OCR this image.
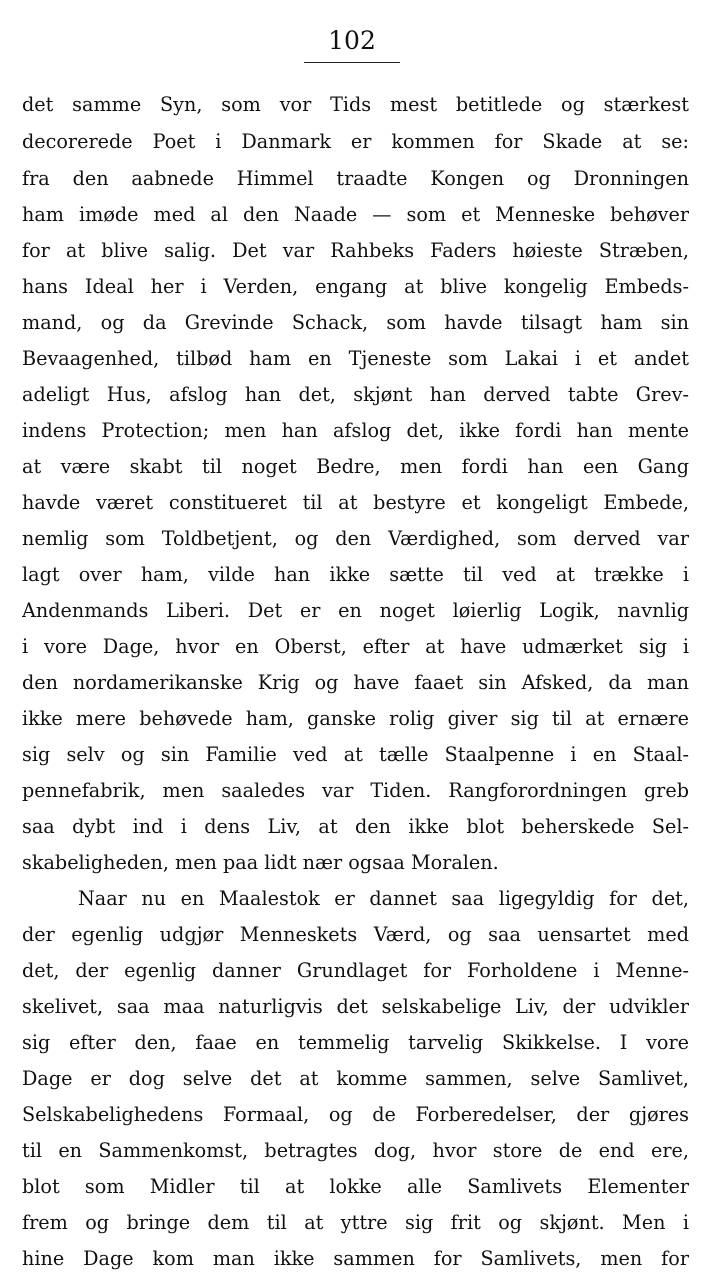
102
det samme Syn, som vor Tids mest betitlede og stærkest
decorerede Poet i Danmark er kommen for Skade at se:
fra den aabnede Himmel traadte Kongen og Dronningen
ham imøde med al den Naade — som et Menneske behøver
for at blive salig. Det var Rahbeks Faders høieste Stræben,
hans Ideal her i Verden, engang at blive kongelig Embeds-
mand, og da Grevinde Schack, som havde tilsagt ham sin
Bevaagenhed, tilbød ham en Tjeneste som Lakai i et andet
adeligt Hus, afslog han det, skjønt han derved tabte Grev-
indens Protection; men han afslog det, ikke fordi han mente
at være skabt til noget Bedre, men fordi han een Gang
havde været constitueret til at bestyre et kongeligt Embede,
nemlig som Toldbetjent, og den Værdighed, som derved var
lagt over ham, vilde han ikke sætte til ved at trække i
Andenmands Liberi. Det er en noget løierlig Logik, navnlig
i vore Dage, hvor en Oberst, efter at have udmærket sig i
den nordamerikanske Krig og have faaet sin Afsked, da man
ikke mere behøvede ham, ganske rolig giver sig til at ernære
sig selv og sin Familie ved at tælle Staalpenne i en Staal-
pennefabrik, men saaledes var Tiden. Rangforordningen greb
saa dybt ind i dens Liv, at den ikke blot beherskede Sel-
skabeligheden, men paa lidt nær ogsaa Moralen.
Naar nu en Maalestok er dannet saa ligegyldig for det,
der egenlig udgjør Menneskets Værd, og saa uensartet med
det, der egenlig danner Grundlaget for Forholdene i Menne-
skelivet, saa maa naturligvis det selskabelige Liv, der udvikler
sig efter den, faae en temmelig tarvelig Skikkelse. I vore
Dage er dog selve det at komme sammen, selve Samlivet,
Selskabelighedens Formaal, og de Forberedelser, der gjøres
til en Sammenkomst, betragtes dog, hvor store de end ere,
blot som Midler til at lokke alle Samlivets Elementer
frem og bringe dem til at yttre sig frit og skjønt. Men i
hine Dage kom man ikke sammen for Samlivets, men for
